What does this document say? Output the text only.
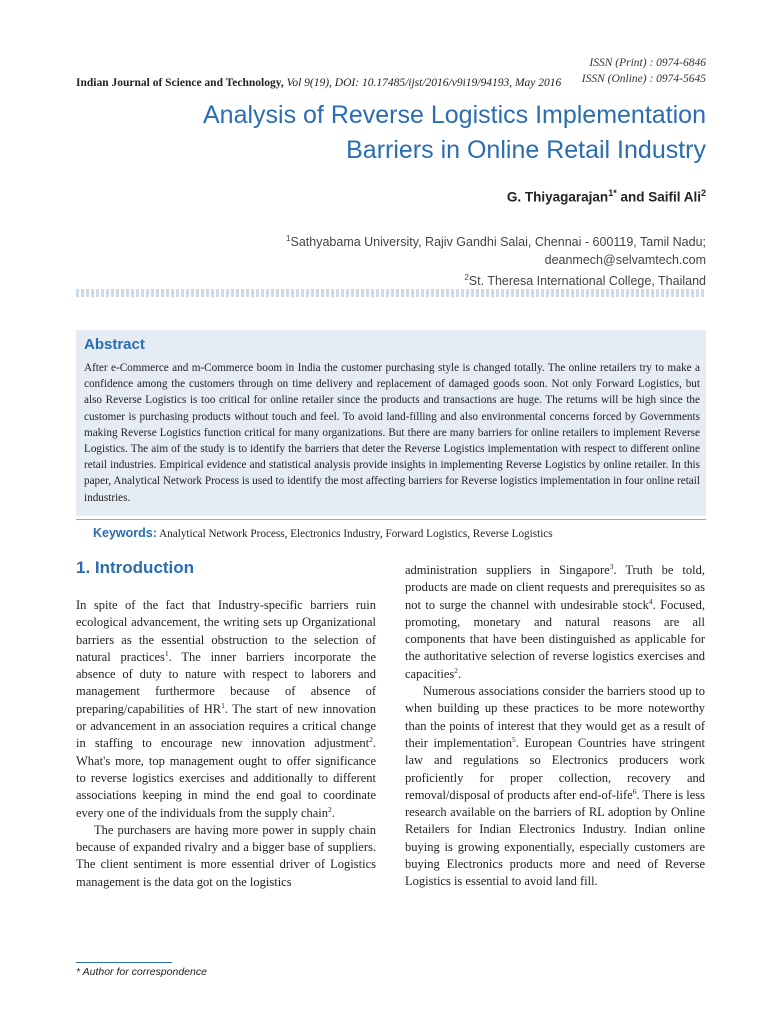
ISSN (Print) : 0974-6846
ISSN (Online) : 0974-5645
Indian Journal of Science and Technology, Vol 9(19), DOI: 10.17485/ijst/2016/v9i19/94193, May 2016
Analysis of Reverse Logistics Implementation
Barriers in Online Retail Industry
G. Thiyagarajan$^{1*}$ and Saifil Ali$^2$
$^1$Sathyabama University, Rajiv Gandhi Salai, Chennai - 600119, Tamil Nadu;
deanmech@selvamtech.com
$^2$St. Theresa International College, Thailand
Abstract
After e-Commerce and m-Commerce boom in India the customer purchasing style is changed totally. The online retailers try to make a confidence among the customers through on time delivery and replacement of damaged goods soon. Not only Forward Logistics, but also Reverse Logistics is too critical for online retailer since the products and transactions are huge. The returns will be high since the customer is purchasing products without touch and feel. To avoid land-filling and also environmental concerns forced by Governments making Reverse Logistics function critical for many organizations. But there are many barriers for online retailers to implement Reverse Logistics. The aim of the study is to identify the barriers that deter the Reverse Logistics implementation with respect to different online retail industries. Empirical evidence and statistical analysis provide insights in implementing Reverse Logistics by online retailer. In this paper, Analytical Network Process is used to identify the most affecting barriers for Reverse logistics implementation in four online retail industries.
Keywords: Analytical Network Process, Electronics Industry, Forward Logistics, Reverse Logistics
1. Introduction

In spite of the fact that Industry-specific barriers ruin ecological advancement, the writing sets up Organizational barriers as the essential obstruction to the selection of natural practices$^1$. The inner barriers incorporate the absence of duty to nature with respect to laborers and management furthermore because of absence of preparing/capabilities of $HR^1$. The start of new innovation or advancement in an association requires a critical change in staffing to encourage new innovation adjustment$^2$. What's more, top management ought to offer significance to reverse logistics exercises and additionally to different associations keeping in mind the end goal to coordinate every one of the individuals from the supply chain$^2$.

The purchasers are having more power in supply chain because of expanded rivalry and a bigger base of suppliers. The client sentiment is more essential driver of Logistics management is the data got on the logistics

administration suppliers in Singapore$^3$. Truth be told, products are made on client requests and prerequisites so as not to surge the channel with undesirable stock$^4$. Focused, promoting, monetary and natural reasons are all components that have been distinguished as applicable for the authoritative selection of reverse logistics exercises and capacities$^2$.

Numerous associations consider the barriers stood up to when building up these practices to be more noteworthy than the points of interest that they would get as a result of their implementation$^5$. European Countries have stringent law and regulations so Electronics producers work proficiently for proper collection, recovery and removal/disposal of products after end-of-life$^6$. There is less research available on the barriers of RL adoption by Online Retailers for Indian Electronics Industry. Indian online buying is growing exponentially, especially customers are buying Electronics products more and need of Reverse Logistics is essential to avoid land fill.

* Author for correspondence
